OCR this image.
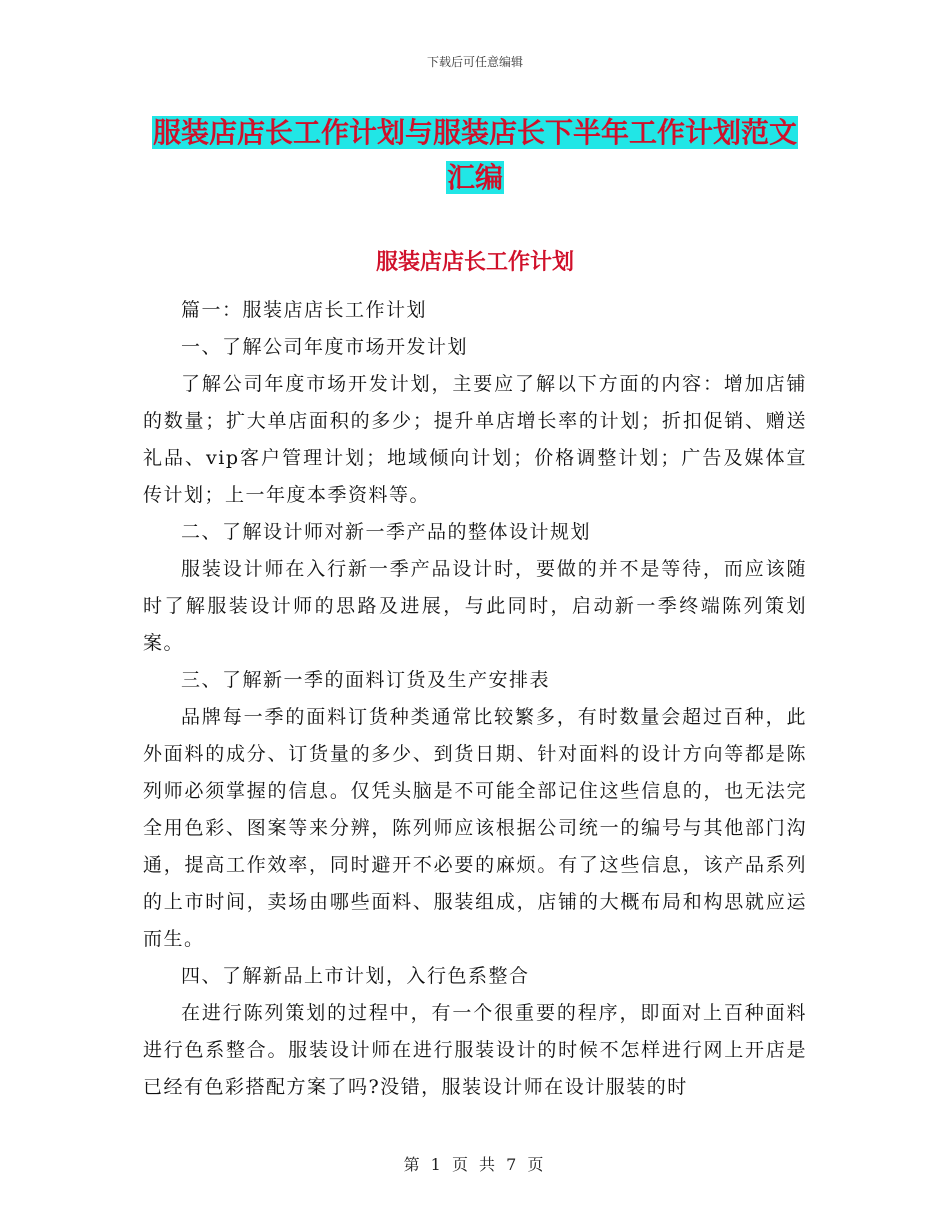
下载后可任意编辑
服装店店长工作计划与服装店长下半年工作计划范文
汇编
服装店店长工作计划

篇一：服装店店长工作计划

一、了解公司年度市场开发计划

了解公司年度市场开发计划，主要应了解以下方面的内容：增加店铺的数量；扩大单店面积的多少；提升单店增长率的计划；折扣促销、赠送礼品、vip客户管理计划；地域倾向计划；价格调整计划；广告及媒体宣传计划；上一年度本季资料等。

二、了解设计师对新一季产品的整体设计规划

服装设计师在入行新一季产品设计时，要做的并不是等待，而应该随时了解服装设计师的思路及进展，与此同时，启动新一季终端陈列策划案。

三、了解新一季的面料订货及生产安排表

品牌每一季的面料订货种类通常比较繁多，有时数量会超过百种，此外面料的成分、订货量的多少、到货日期、针对面料的设计方向等都是陈列师必须掌握的信息。仅凭头脑是不可能全部记住这些信息的，也无法完全用色彩、图案等来分辨，陈列师应该根据公司统一的编号与其他部门沟通，提高工作效率，同时避开不必要的麻烦。有了这些信息，该产品系列的上市时间，卖场由哪些面料、服装组成，店铺的大概布局和构思就应运而生。

四、了解新品上市计划，入行色系整合

在进行陈列策划的过程中，有一个很重要的程序，即面对上百种面料进行色系整合。服装设计师在进行服装设计的时候不怎样进行网上开店是已经有色彩搭配方案了吗?没错，服装设计师在设计服装的时

第 1 页 共 7 页
